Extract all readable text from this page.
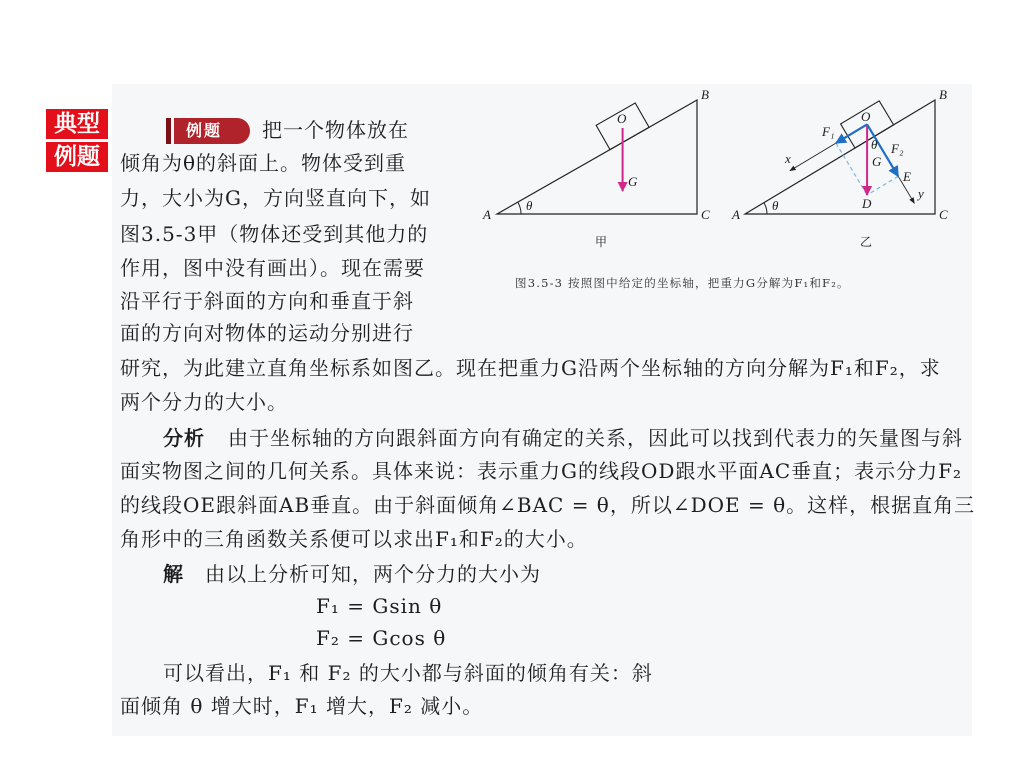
典型
例题
例题	把一个物体放在
倾角为θ的斜面上。物体受到重
力，大小为G，方向竖直向下，如
图3.5-3甲（物体还受到其他力的
作用，图中没有画出）。现在需要
沿平行于斜面的方向和垂直于斜
面的方向对物体的运动分别进行
研究，为此建立直角坐标系如图乙。现在把重力G沿两个坐标轴的方向分解为F₁和F₂，求
两个分力的大小。
分析 由于坐标轴的方向跟斜面方向有确定的关系，因此可以找到代表力的矢量图与斜
面实物图之间的几何关系。具体来说：表示重力G的线段OD跟水平面AC垂直；表示分力F₂
的线段OE跟斜面AB垂直。由于斜面倾角∠BAC = θ，所以∠DOE = θ。这样，根据直角三
角形中的三角函数关系便可以求出F₁和F₂的大小。
解 由以上分析可知，两个分力的大小为
F₁ = Gsin θ
F₂ = Gcos θ
可以看出，F₁ 和 F₂ 的大小都与斜面的倾角有关：斜
面倾角 θ 增大时，F₁ 增大，F₂ 减小。
A
B
C
O
G
θ
甲
A
B
C
O
G
θ
θ
F₁
F₂
D
E
x
y
乙
图3.5-3 按照图中给定的坐标轴，把重力G分解为F₁和F₂。
